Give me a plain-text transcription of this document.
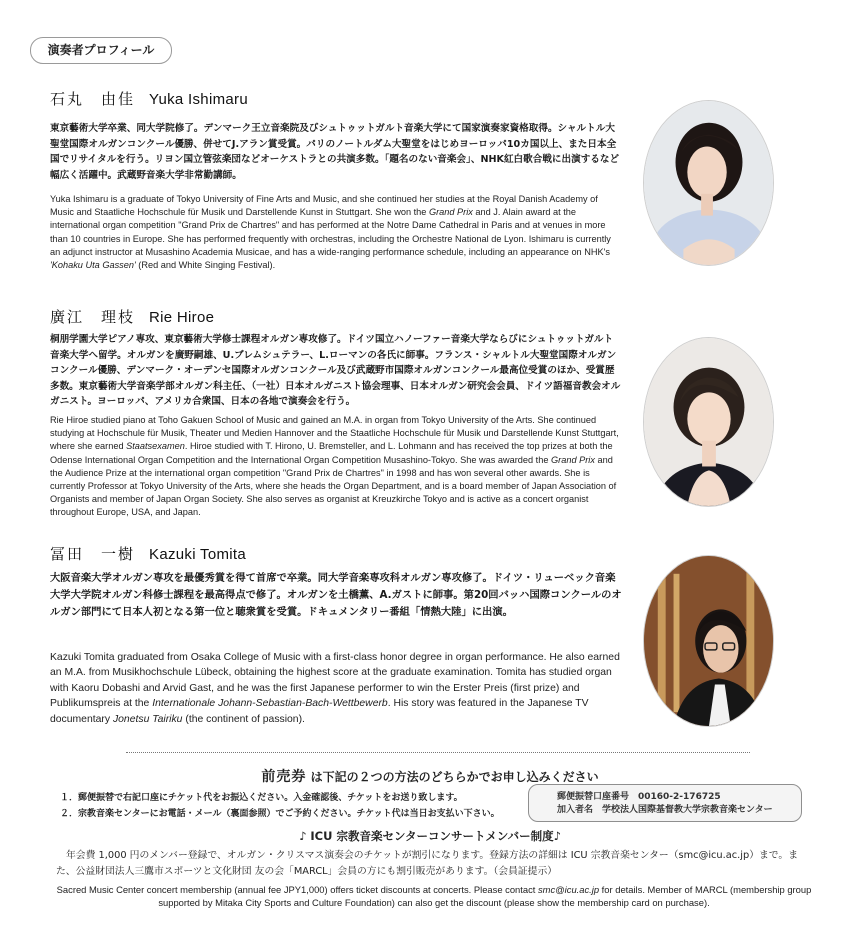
演奏者プロフィール
石丸　由佳 Yuka Ishimaru
東京藝術大学卒業、同大学院修了。デンマーク王立音楽院及びシュトゥットガルト音楽大学にて国家演奏家資格取得。シャルトル大聖堂国際オルガンコンクール優勝、併せてJ.アラン賞受賞。パリのノートルダム大聖堂をはじめヨーロッパ10カ国以上、また日本全国でリサイタルを行う。リヨン国立管弦楽団などオーケストラとの共演多数。「題名のない音楽会」、NHK紅白歌合戦に出演するなど幅広く活躍中。武蔵野音楽大学非常勤講師。
Yuka Ishimaru is a graduate of Tokyo University of Fine Arts and Music, and she continued her studies at the Royal Danish Academy of Music and Staatliche Hochschule für Musik und Darstellende Kunst in Stuttgart. She won the Grand Prix and J. Alain award at the international organ competition "Grand Prix de Chartres" and has performed at the Notre Dame Cathedral in Paris and at venues in more than 10 countries in Europe. She has performed frequently with orchestras, including the Orchestre National de Lyon. Ishimaru is currently an adjunct instructor at Musashino Academia Musicae, and has a wide-ranging performance schedule, including an appearance on NHK's 'Kohaku Uta Gassen' (Red and White Singing Festival).
廣江　理枝 Rie Hiroe
桐朋学園大学ピアノ専攻、東京藝術大学修士課程オルガン専攻修了。ドイツ国立ハノーファー音楽大学ならびにシュトゥットガルト音楽大学へ留学。オルガンを廣野嗣雄、U.ブレムシュテラー、L.ローマンの各氏に師事。フランス・シャルトル大聖堂国際オルガンコンクール優勝、デンマーク・オーデンセ国際オルガンコンクール及び武蔵野市国際オルガンコンクール最高位受賞のほか、受賞歴多数。東京藝術大学音楽学部オルガン科主任、（一社）日本オルガニスト協会理事、日本オルガン研究会会員、ドイツ語福音教会オルガニスト。ヨーロッパ、アメリカ合衆国、日本の各地で演奏会を行う。
Rie Hiroe studied piano at Toho Gakuen School of Music and gained an M.A. in organ from Tokyo University of the Arts. She continued studying at Hochschule für Musik, Theater und Medien Hannover and the Staatliche Hochschule für Musik und Darstellende Kunst Stuttgart, where she earned Staatsexamen. Hiroe studied with T. Hirono, U. Bremsteller, and L. Lohmann and has received the top prizes at both the Odense International Organ Competition and the International Organ Competition Musashino-Tokyo. She was awarded the Grand Prix and the Audience Prize at the international organ competition "Grand Prix de Chartres" in 1998 and has won several other awards. She is currently Professor at Tokyo University of the Arts, where she heads the Organ Department, and is a board member of Japan Association of Organists and member of Japan Organ Society. She also serves as organist at Kreuzkirche Tokyo and is active as a concert organist throughout Europe, USA, and Japan.
冨田　一樹 Kazuki Tomita
大阪音楽大学オルガン専攻を最優秀賞を得て首席で卒業。同大学音楽専攻科オルガン専攻修了。ドイツ・リューベック音楽大学大学院オルガン科修士課程を最高得点で修了。オルガンを土橋薫、A.ガストに師事。第20回バッハ国際コンクールのオルガン部門にて日本人初となる第一位と聴衆賞を受賞。ドキュメンタリー番組「情熱大陸」に出演。
Kazuki Tomita graduated from Osaka College of Music with a first-class honor degree in organ performance. He also earned an M.A. from Musikhochschule Lübeck, obtaining the highest score at the graduate examination. Tomita has studied organ with Kaoru Dobashi and Arvid Gast, and he was the first Japanese performer to win the Erster Preis (first prize) and Publikumspreis at the Internationale Johann-Sebastian-Bach-Wettbewerb. His story was featured in the Japanese TV documentary Jonetsu Tairiku (the continent of passion).
前売券 は下記の２つの方法のどちらかでお申し込みください
１．郵便振替で右記口座にチケット代をお振込ください。入金確認後、チケットをお送り致します。
２．宗教音楽センターにお電話・メール（裏面参照）でご予約ください。チケット代は当日お支払い下さい。
郵便振替口座番号　00160-2-176725
加入者名　学校法人国際基督教大学宗教音楽センター
♪ ICU 宗教音楽センターコンサートメンバー制度♪
年会費 1,000 円のメンバー登録で、オルガン・クリスマス演奏会のチケットが割引になります。登録方法の詳細は ICU 宗教音楽センター（smc@icu.ac.jp）まで。また、公益財団法人三鷹市スポーツと文化財団 友の会「MARCL」会員の方にも割引販売があります。（会員証提示）
Sacred Music Center concert membership (annual fee JPY1,000) offers ticket discounts at concerts. Please contact smc@icu.ac.jp for details. Member of MARCL (membership group supported by Mitaka City Sports and Culture Foundation) can also get the discount (please show the membership card on purchase).
